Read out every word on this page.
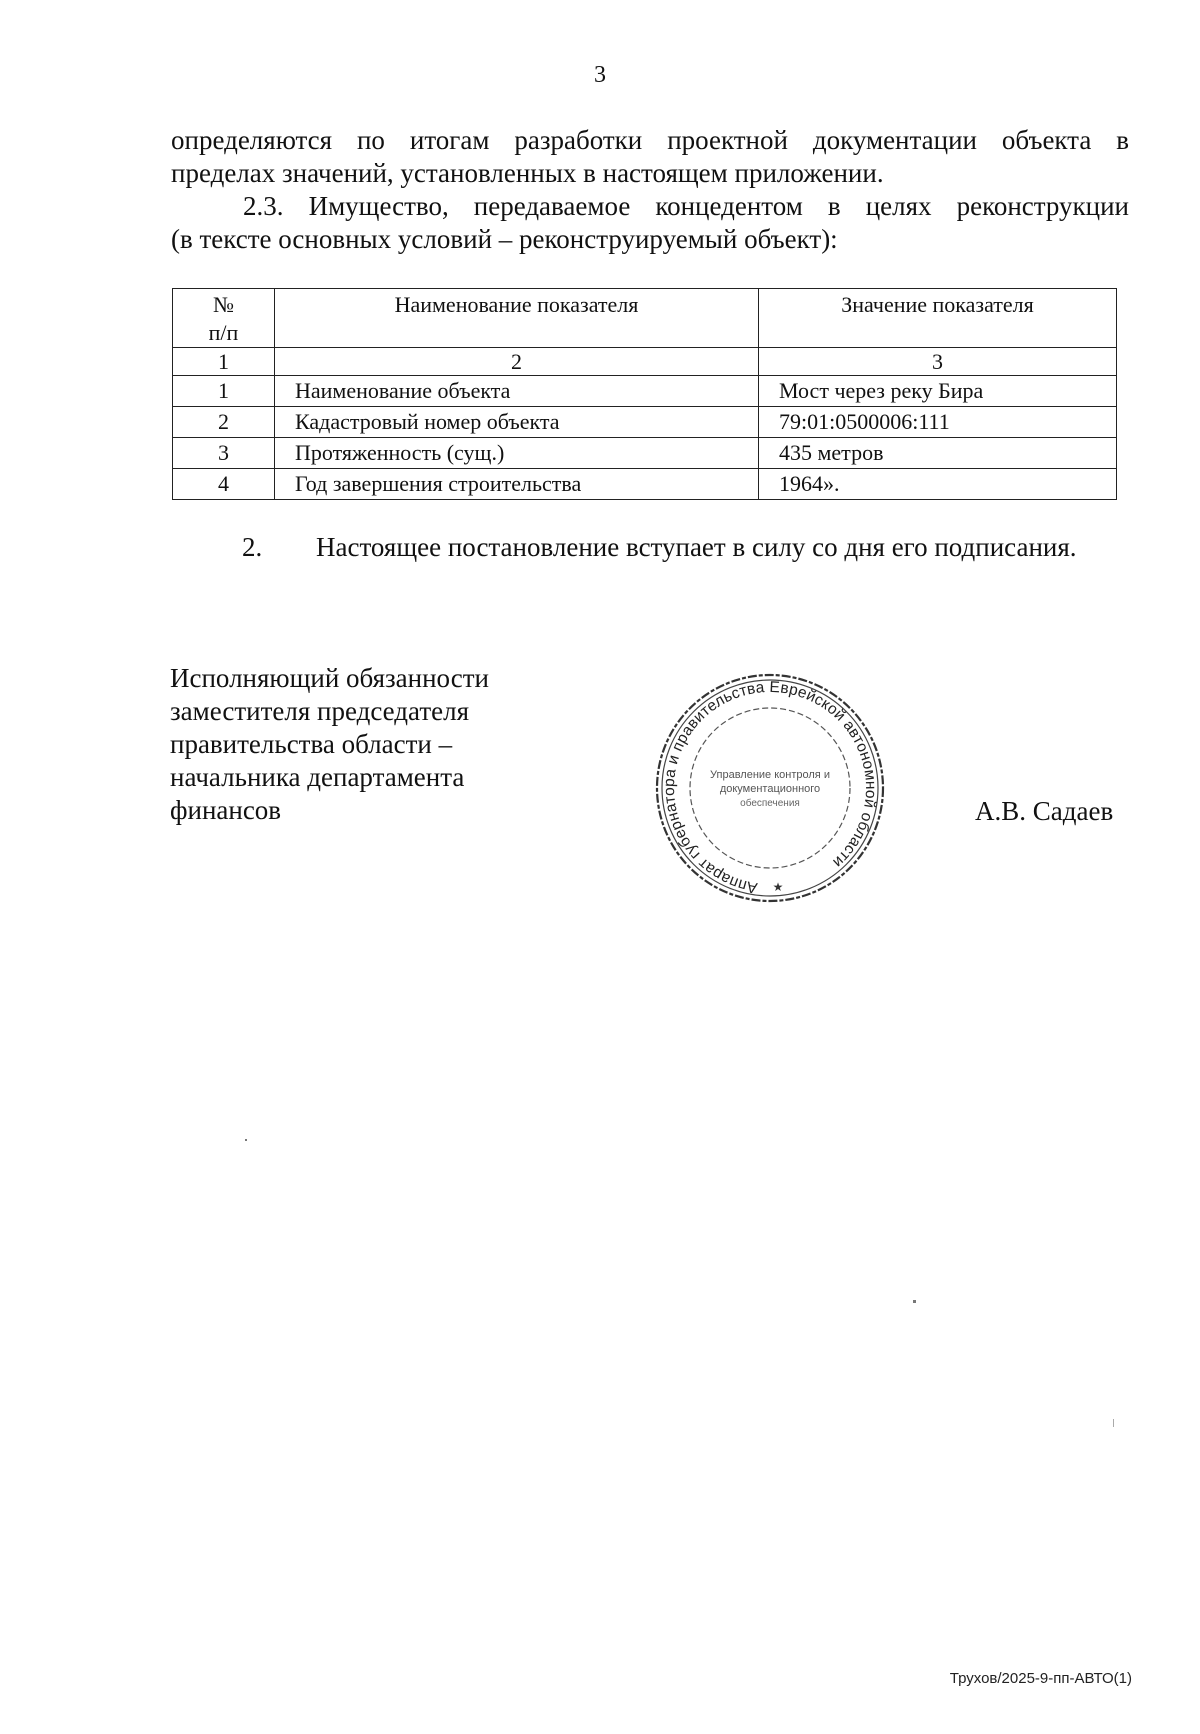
3
определяются по итогам разработки проектной документации объекта в
пределах значений, установленных в настоящем приложении.
2.3. Имущество, передаваемое концедентом в целях реконструкции
(в тексте основных условий – реконструируемый объект):
№
п/п	Наименование показателя	Значение показателя
1	2	3
1	Наименование объекта	Мост через реку Бира
2	Кадастровый номер объекта	79:01:0500006:111
3	Протяженность (сущ.)	435 метров
4	Год завершения строительства	1964».
2. Настоящее постановление вступает в силу со дня его подписания.
Исполняющий обязанности
заместителя председателя
правительства области –
начальника департамента
финансов
Аппарат губернатора и правительства Еврейской автономной области
Управление контроля и
документационного
обеспечения
★
А.В. Садаев
Трухов/2025-9-пп-АВТО(1)
